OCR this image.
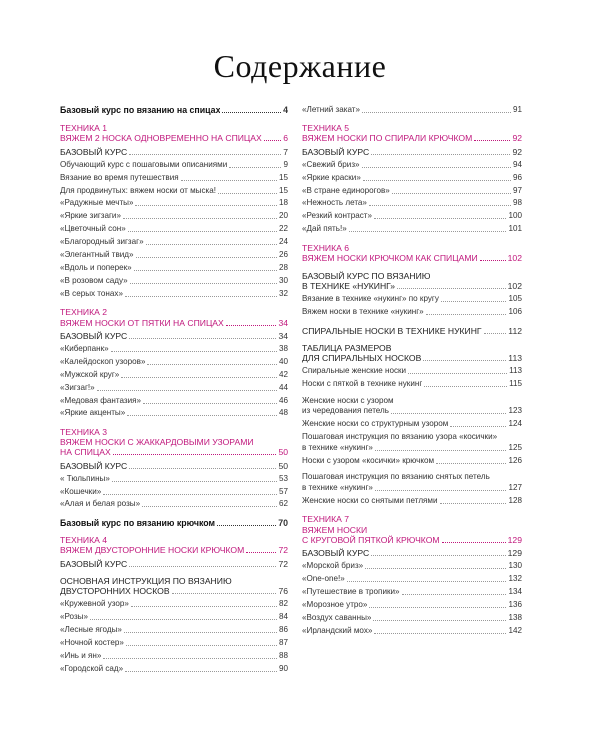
Содержание
Базовый курс по вязанию на спицах	4
ТЕХНИКА 1
ВЯЖЕМ 2 НОСКА ОДНОВРЕМЕННО НА СПИЦАХ 6
БАЗОВЫЙ КУРС	7
Обучающий курс с пошаговыми описаниями	9
Вязание во время путешествия	15
Для продвинутых: вяжем носки от мыска!	15
«Радужные мечты»	18
«Яркие зигзаги»	20
«Цветочный сон»	22
«Благородный зигзаг»	24
«Элегантный твид»	26
«Вдоль и поперек»	28
«В розовом саду»	30
«В серых тонах»	32
ТЕХНИКА 2
ВЯЖЕМ НОСКИ ОТ ПЯТКИ НА СПИЦАХ	34
БАЗОВЫЙ КУРС	34
«Киберпанк»	38
«Калейдоскоп узоров»	40
«Мужской круг»	42
«Зигзаг!»	44
«Медовая фантазия»	46
«Яркие акценты»	48
ТЕХНИКА 3
ВЯЖЕМ НОСКИ С ЖАККАРДОВЫМИ УЗОРАМИ
НА СПИЦАХ	50
БАЗОВЫЙ КУРС	50
« Тюльпины»	53
«Кошечки»	57
«Алая и белая розы»	62
Базовый курс по вязанию крючком	70
ТЕХНИКА 4
ВЯЖЕМ ДВУСТОРОННИЕ НОСКИ КРЮЧКОМ	72
БАЗОВЫЙ КУРС	72
ОСНОВНАЯ ИНСТРУКЦИЯ ПО ВЯЗАНИЮ
ДВУСТОРОННИХ НОСКОВ	76
«Кружевной узор»	82
«Розы»	84
«Лесные ягоды»	86
«Ночной костер»	87
«Инь и ян»	88
«Городской сад»	90
«Летний закат»	91
ТЕХНИКА 5
ВЯЖЕМ НОСКИ ПО СПИРАЛИ КРЮЧКОМ	92
БАЗОВЫЙ КУРС	92
«Свежий бриз»	94
«Яркие краски»	96
«В стране единорогов»	97
«Нежность лета»	98
«Резкий контраст»	100
«Дай пять!»	101
ТЕХНИКА 6
ВЯЖЕМ НОСКИ КРЮЧКОМ КАК СПИЦАМИ	102
БАЗОВЫЙ КУРС ПО ВЯЗАНИЮ
В ТЕХНИКЕ «НУКИНГ»	102
Вязание в технике «нукинг» по кругу	105
Вяжем носки в технике «нукинг»	106
СПИРАЛЬНЫЕ НОСКИ В ТЕХНИКЕ НУКИНГ	112
ТАБЛИЦА РАЗМЕРОВ
ДЛЯ СПИРАЛЬНЫХ НОСКОВ	113
Спиральные женские носки	113
Носки с пяткой в технике нукинг	115
Женские носки с узором
из чередования петель	123
Женские носки со структурным узором	124
Пошаговая инструкция по вязанию узора «косички»
в технике «нукинг»	125
Носки с узором «косички» крючком	126
Пошаговая инструкция по вязанию снятых петель
в технике «нукинг»	127
Женские носки со снятыми петлями	128
ТЕХНИКА 7
ВЯЖЕМ НОСКИ
С КРУГОВОЙ ПЯТКОЙ КРЮЧКОМ	129
БАЗОВЫЙ КУРС	129
«Морской бриз»	130
«One-one!»	132
«Путешествие в тропики»	134
«Морозное утро»	136
«Воздух саванны»	138
«Ирландский мох»	142
